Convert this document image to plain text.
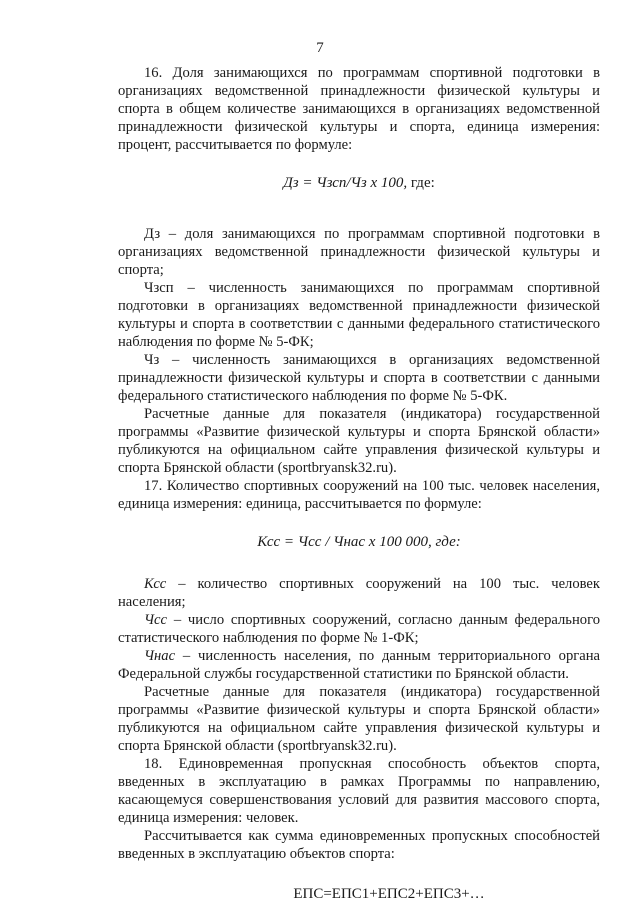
7

16. Доля занимающихся по программам спортивной подготовки в организациях ведомственной принадлежности физической культуры и спорта в общем количестве занимающихся в организациях ведомственной принадлежности физической культуры и спорта, единица измерения: процент, рассчитывается по формуле:

Дз = Чзсп/Чз х 100, где:

Дз – доля занимающихся по программам спортивной подготовки в организациях ведомственной принадлежности физической культуры и спорта;

Чзсп – численность занимающихся по программам спортивной подготовки в организациях ведомственной принадлежности физической культуры и спорта в соответствии с данными федерального статистического наблюдения по форме № 5-ФК;

Чз – численность занимающихся в организациях ведомственной принадлежности физической культуры и спорта в соответствии с данными федерального статистического наблюдения по форме № 5-ФК.

Расчетные данные для показателя (индикатора) государственной программы «Развитие физической культуры и спорта Брянской области» публикуются на официальном сайте управления физической культуры и спорта Брянской области (sportbryansk32.ru).

17. Количество спортивных сооружений на 100 тыс. человек населения, единица измерения: единица, рассчитывается по формуле:

Ксс = Чсс / Чнас х 100 000, где:

Ксс – количество спортивных сооружений на 100 тыс. человек населения;

Чсс – число спортивных сооружений, согласно данным федерального статистического наблюдения по форме № 1-ФК;

Чнас – численность населения, по данным территориального органа Федеральной службы государственной статистики по Брянской области.

Расчетные данные для показателя (индикатора) государственной программы «Развитие физической культуры и спорта Брянской области» публикуются на официальном сайте управления физической культуры и спорта Брянской области (sportbryansk32.ru).

18. Единовременная пропускная способность объектов спорта, введенных в эксплуатацию в рамках Программы по направлению, касающемуся совершенствования условий для развития массового спорта, единица измерения: человек.

Рассчитывается как сумма единовременных пропускных способностей введенных в эксплуатацию объектов спорта:

ЕПС=ЕПС1+ЕПС2+ЕПС3+…
